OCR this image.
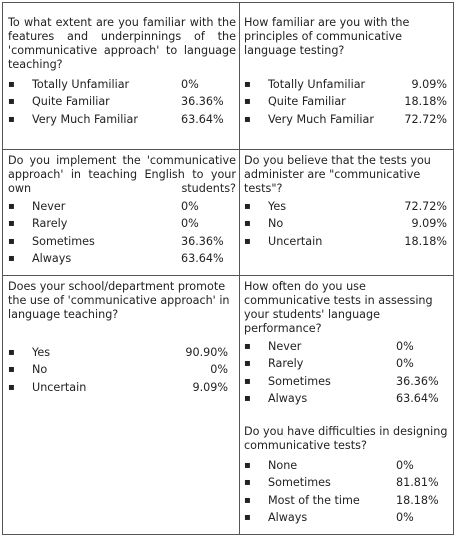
To what extent are you familiar with the features and underpinnings of the 'communicative approach' to language teaching?

▪ Totally Unfamiliar	0%
▪ Quite Familiar	36.36%
▪ Very Much Familiar	63.64%

How familiar are you with the principles of communicative language testing?

▪ Totally Unfamiliar	9.09%
▪ Quite Familiar	18.18%
▪ Very Much Familiar	72.72%

Do you implement the 'communicative approach' in teaching English to your own students?

▪ Never	0%
▪ Rarely	0%
▪ Sometimes	36.36%
▪ Always	63.64%

Do you believe that the tests you administer are "communicative tests"?

▪ Yes	72.72%
▪ No	9.09%
▪ Uncertain	18.18%

Does your school/department promote the use of 'communicative approach' in language teaching?

▪ Yes	90.90%
▪ No	0%
▪ Uncertain	9.09%

How often do you use communicative tests in assessing your students' language performance?

▪ Never	0%
▪ Rarely	0%
▪ Sometimes	36.36%
▪ Always	63.64%

Do you have difficulties in designing communicative tests?

▪ None	0%
▪ Sometimes	81.81%
▪ Most of the time	18.18%
▪ Always	0%
